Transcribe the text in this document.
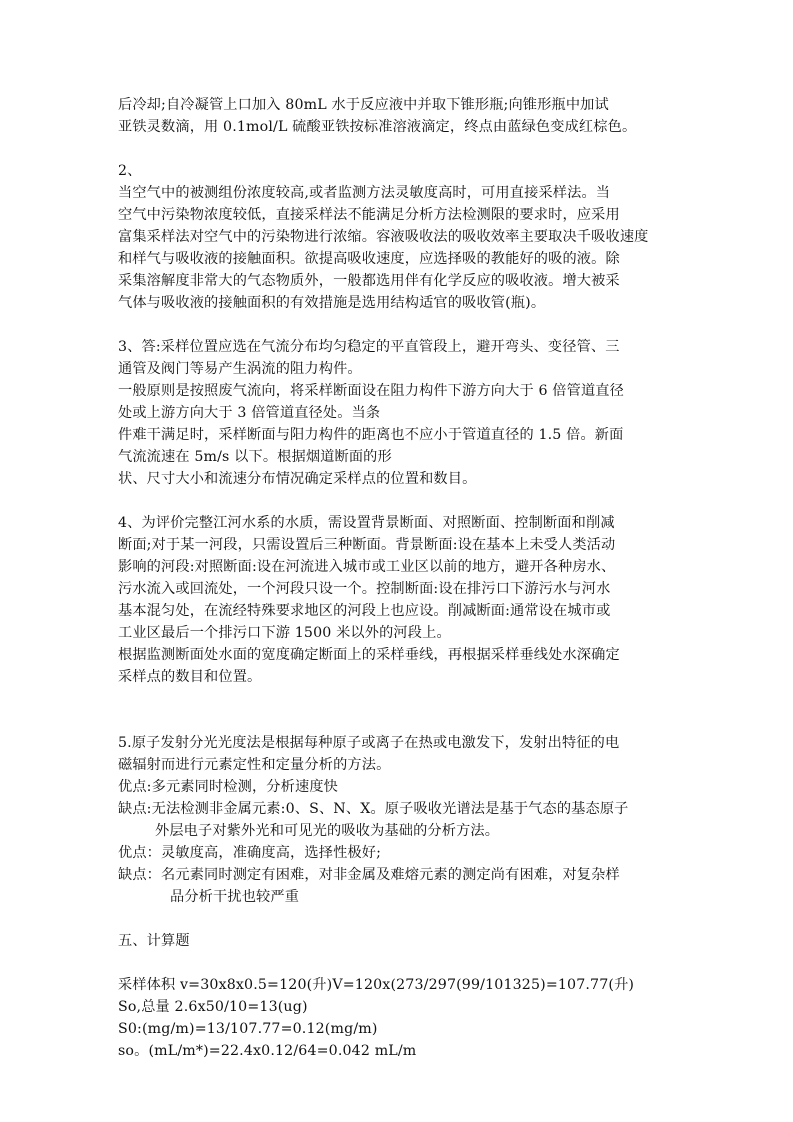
后冷却;自冷凝管上口加入 80mL 水于反应液中并取下锥形瓶;向锥形瓶中加试
亚铁灵数滴，用 0.1mol/L 硫酸亚铁按标准溶液滴定，终点由蓝绿色变成红棕色。
2、
当空气中的被测组份浓度较高,或者监测方法灵敏度高时，可用直接采样法。当
空气中污染物浓度较低，直接采样法不能满足分析方法检测限的要求时，应采用
富集采样法对空气中的污染物进行浓缩。容液吸收法的吸收效率主要取决千吸收速度
和样气与吸收液的接触面积。欲提高吸收速度，应选择吸的教能好的吸的液。除
采集溶解度非常大的气态物质外，一般都选用伴有化学反应的吸收液。增大被采
气体与吸收液的接触面积的有效措施是选用结构适官的吸收管(瓶)。
3、答:采样位置应选在气流分布均匀稳定的平直管段上，避开弯头、变径管、三
通管及阀门等易产生涡流的阻力构件。
一般原则是按照废气流向，将采样断面设在阻力构件下游方向大于 6 倍管道直径
处或上游方向大于 3 倍管道直径处。当条
件难干满足时，采样断面与阳力构件的距离也不应小于管道直径的 1.5 倍。新面
气流流速在 5m/s 以下。根据烟道断面的形
状、尺寸大小和流速分布情况确定采样点的位置和数目。
4、为评价完整江河水系的水质，需设置背景断面、对照断面、控制断面和削减
断面;对于某一河段，只需设置后三种断面。背景断面:设在基本上未受人类活动
影响的河段:对照断面:设在河流进入城市或工业区以前的地方，避开各种房水、
污水流入或回流处，一个河段只设一个。控制断面:设在排污口下游污水与河水
基本混匀处，在流经特殊要求地区的河段上也应设。削减断面:通常设在城市或
工业区最后一个排污口下游 1500 米以外的河段上。
根据监测断面处水面的宽度确定断面上的采样垂线，再根据采样垂线处水深确定
采样点的数目和位置。
5.原子发射分光光度法是根据每种原子或离子在热或电激发下，发射出特征的电
磁辐射而进行元素定性和定量分析的方法。
优点:多元素同时检测，分析速度快
缺点:无法检测非金属元素:0、S、N、X。原子吸收光谱法是基于气态的基态原子
外层电子对紫外光和可见光的吸收为基础的分析方法。
优点：灵敏度高，准确度高，选择性极好;
缺点：名元素同时测定有困难，对非金属及难熔元素的测定尚有困难，对复杂样
品分析干扰也较严重
五、计算题
采样体积 v=30x8x0.5=120(升)V=120x(273/297(99/101325)=107.77(升)
So,总量 2.6x50/10=13(ug)
S0:(mg/m)=13/107.77=0.12(mg/m)
so。(mL/m*)=22.4x0.12/64=0.042 mL/m
